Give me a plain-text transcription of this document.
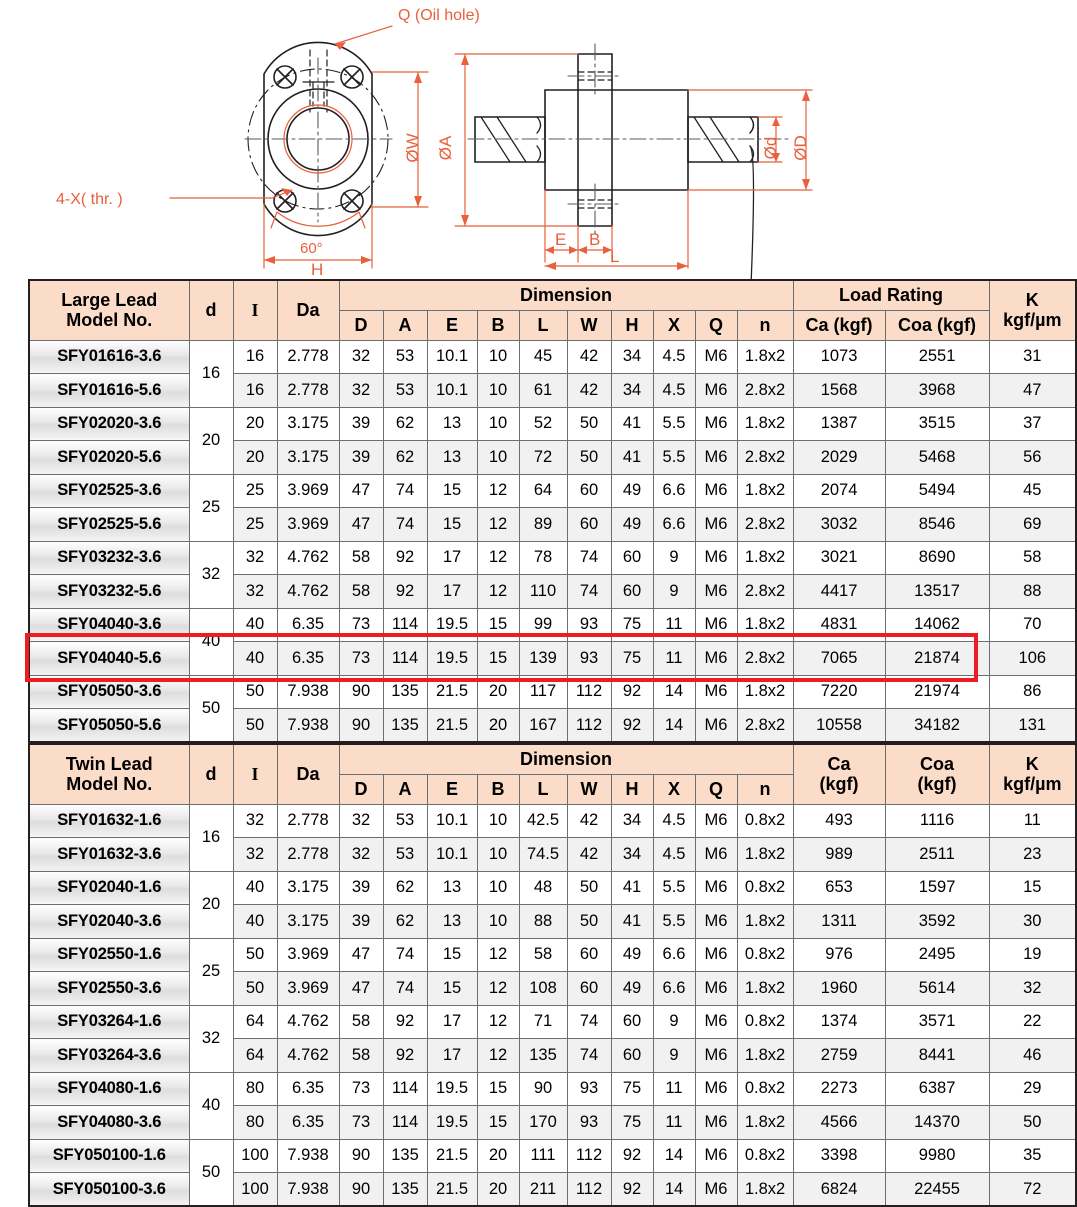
Q (Oil hole)
4-X( thr. )
60°
H
ØW ØA	ØD
Ød
E B
L
Large Lead
Model No.	d	I	Da	Dimension										Load Rating		K
kgf/µm

				D	A	E	B	L	W	H	X	Q	n	Ca (kgf)	Coa (kgf)	
SFY01616-3.6	16	16	2.778	32	53	10.1	10	45	42	34	4.5	M6	1.8x2	1073	2551	31
SFY01616-5.6		16	2.778	32	53	10.1	10	61	42	34	4.5	M6	2.8x2	1568	3968	47
SFY02020-3.6	20	20	3.175	39	62	13	10	52	50	41	5.5	M6	1.8x2	1387	3515	37
SFY02020-5.6		20	3.175	39	62	13	10	72	50	41	5.5	M6	2.8x2	2029	5468	56
SFY02525-3.6	25	25	3.969	47	74	15	12	64	60	49	6.6	M6	1.8x2	2074	5494	45
SFY02525-5.6		25	3.969	47	74	15	12	89	60	49	6.6	M6	2.8x2	3032	8546	69
SFY03232-3.6	32	32	4.762	58	92	17	12	78	74	60	9	M6	1.8x2	3021	8690	58
SFY03232-5.6		32	4.762	58	92	17	12	110	74	60	9	M6	2.8x2	4417	13517	88
SFY04040-3.6	40	40	6.35	73	114	19.5	15	99	93	75	11	M6	1.8x2	4831	14062	70
SFY04040-5.6		40	6.35	73	114	19.5	15	139	93	75	11	M6	2.8x2	7065	21874	106
SFY05050-3.6	50	50	7.938	90	135	21.5	20	117	112	92	14	M6	1.8x2	7220	21974	86
SFY05050-5.6		50	7.938	90	135	21.5	20	167	112	92	14	M6	2.8x2	10558	34182	131
Twin Lead
Model No.	d	I	Da	Dimension										Ca
(kgf)	Coa
(kgf)	K
kgf/µm

				D	A	E	B	L	W	H	X	Q	n			
SFY01632-1.6	16	32	2.778	32	53	10.1	10	42.5	42	34	4.5	M6	0.8x2	493	1116	11
SFY01632-3.6		32	2.778	32	53	10.1	10	74.5	42	34	4.5	M6	1.8x2	989	2511	23
SFY02040-1.6	20	40	3.175	39	62	13	10	48	50	41	5.5	M6	0.8x2	653	1597	15
SFY02040-3.6		40	3.175	39	62	13	10	88	50	41	5.5	M6	1.8x2	1311	3592	30
SFY02550-1.6	25	50	3.969	47	74	15	12	58	60	49	6.6	M6	0.8x2	976	2495	19
SFY02550-3.6		50	3.969	47	74	15	12	108	60	49	6.6	M6	1.8x2	1960	5614	32
SFY03264-1.6	32	64	4.762	58	92	17	12	71	74	60	9	M6	0.8x2	1374	3571	22
SFY03264-3.6		64	4.762	58	92	17	12	135	74	60	9	M6	1.8x2	2759	8441	46
SFY04080-1.6	40	80	6.35	73	114	19.5	15	90	93	75	11	M6	0.8x2	2273	6387	29
SFY04080-3.6		80	6.35	73	114	19.5	15	170	93	75	11	M6	1.8x2	4566	14370	50
SFY050100-1.6	50	100	7.938	90	135	21.5	20	111	112	92	14	M6	0.8x2	3398	9980	35
SFY050100-3.6		100	7.938	90	135	21.5	20	211	112	92	14	M6	1.8x2	6824	22455	72
